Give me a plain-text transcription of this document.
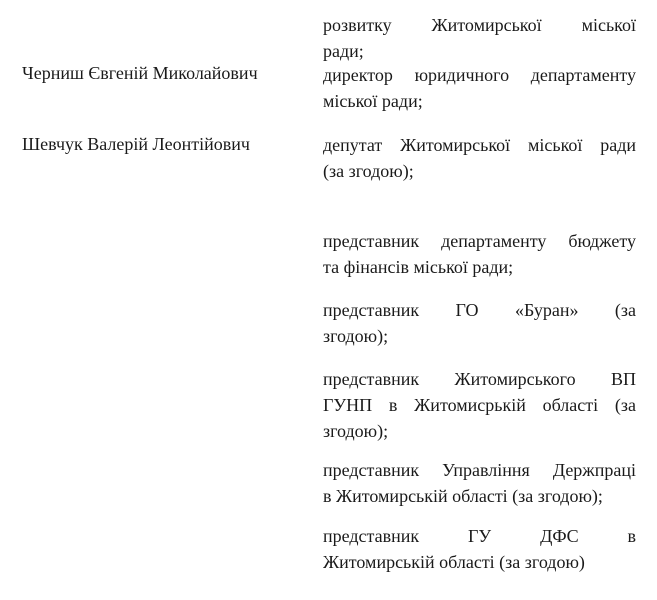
Черниш Євгеній Миколайович
Шевчук Валерій Леонтійович
розвитку Житомирської міської
ради;
директор юридичного департаменту
міської ради;
депутат Житомирської міської ради
(за згодою);
представник департаменту бюджету
та фінансів міської ради;
представник ГО «Буран» (за
згодою);
представник Житомирського ВП
ГУНП в Житомисрькій області (за
згодою);
представник Управління Держпраці
в Житомирській області (за згодою);
представник ГУ ДФС в
Житомирській області (за згодою)
